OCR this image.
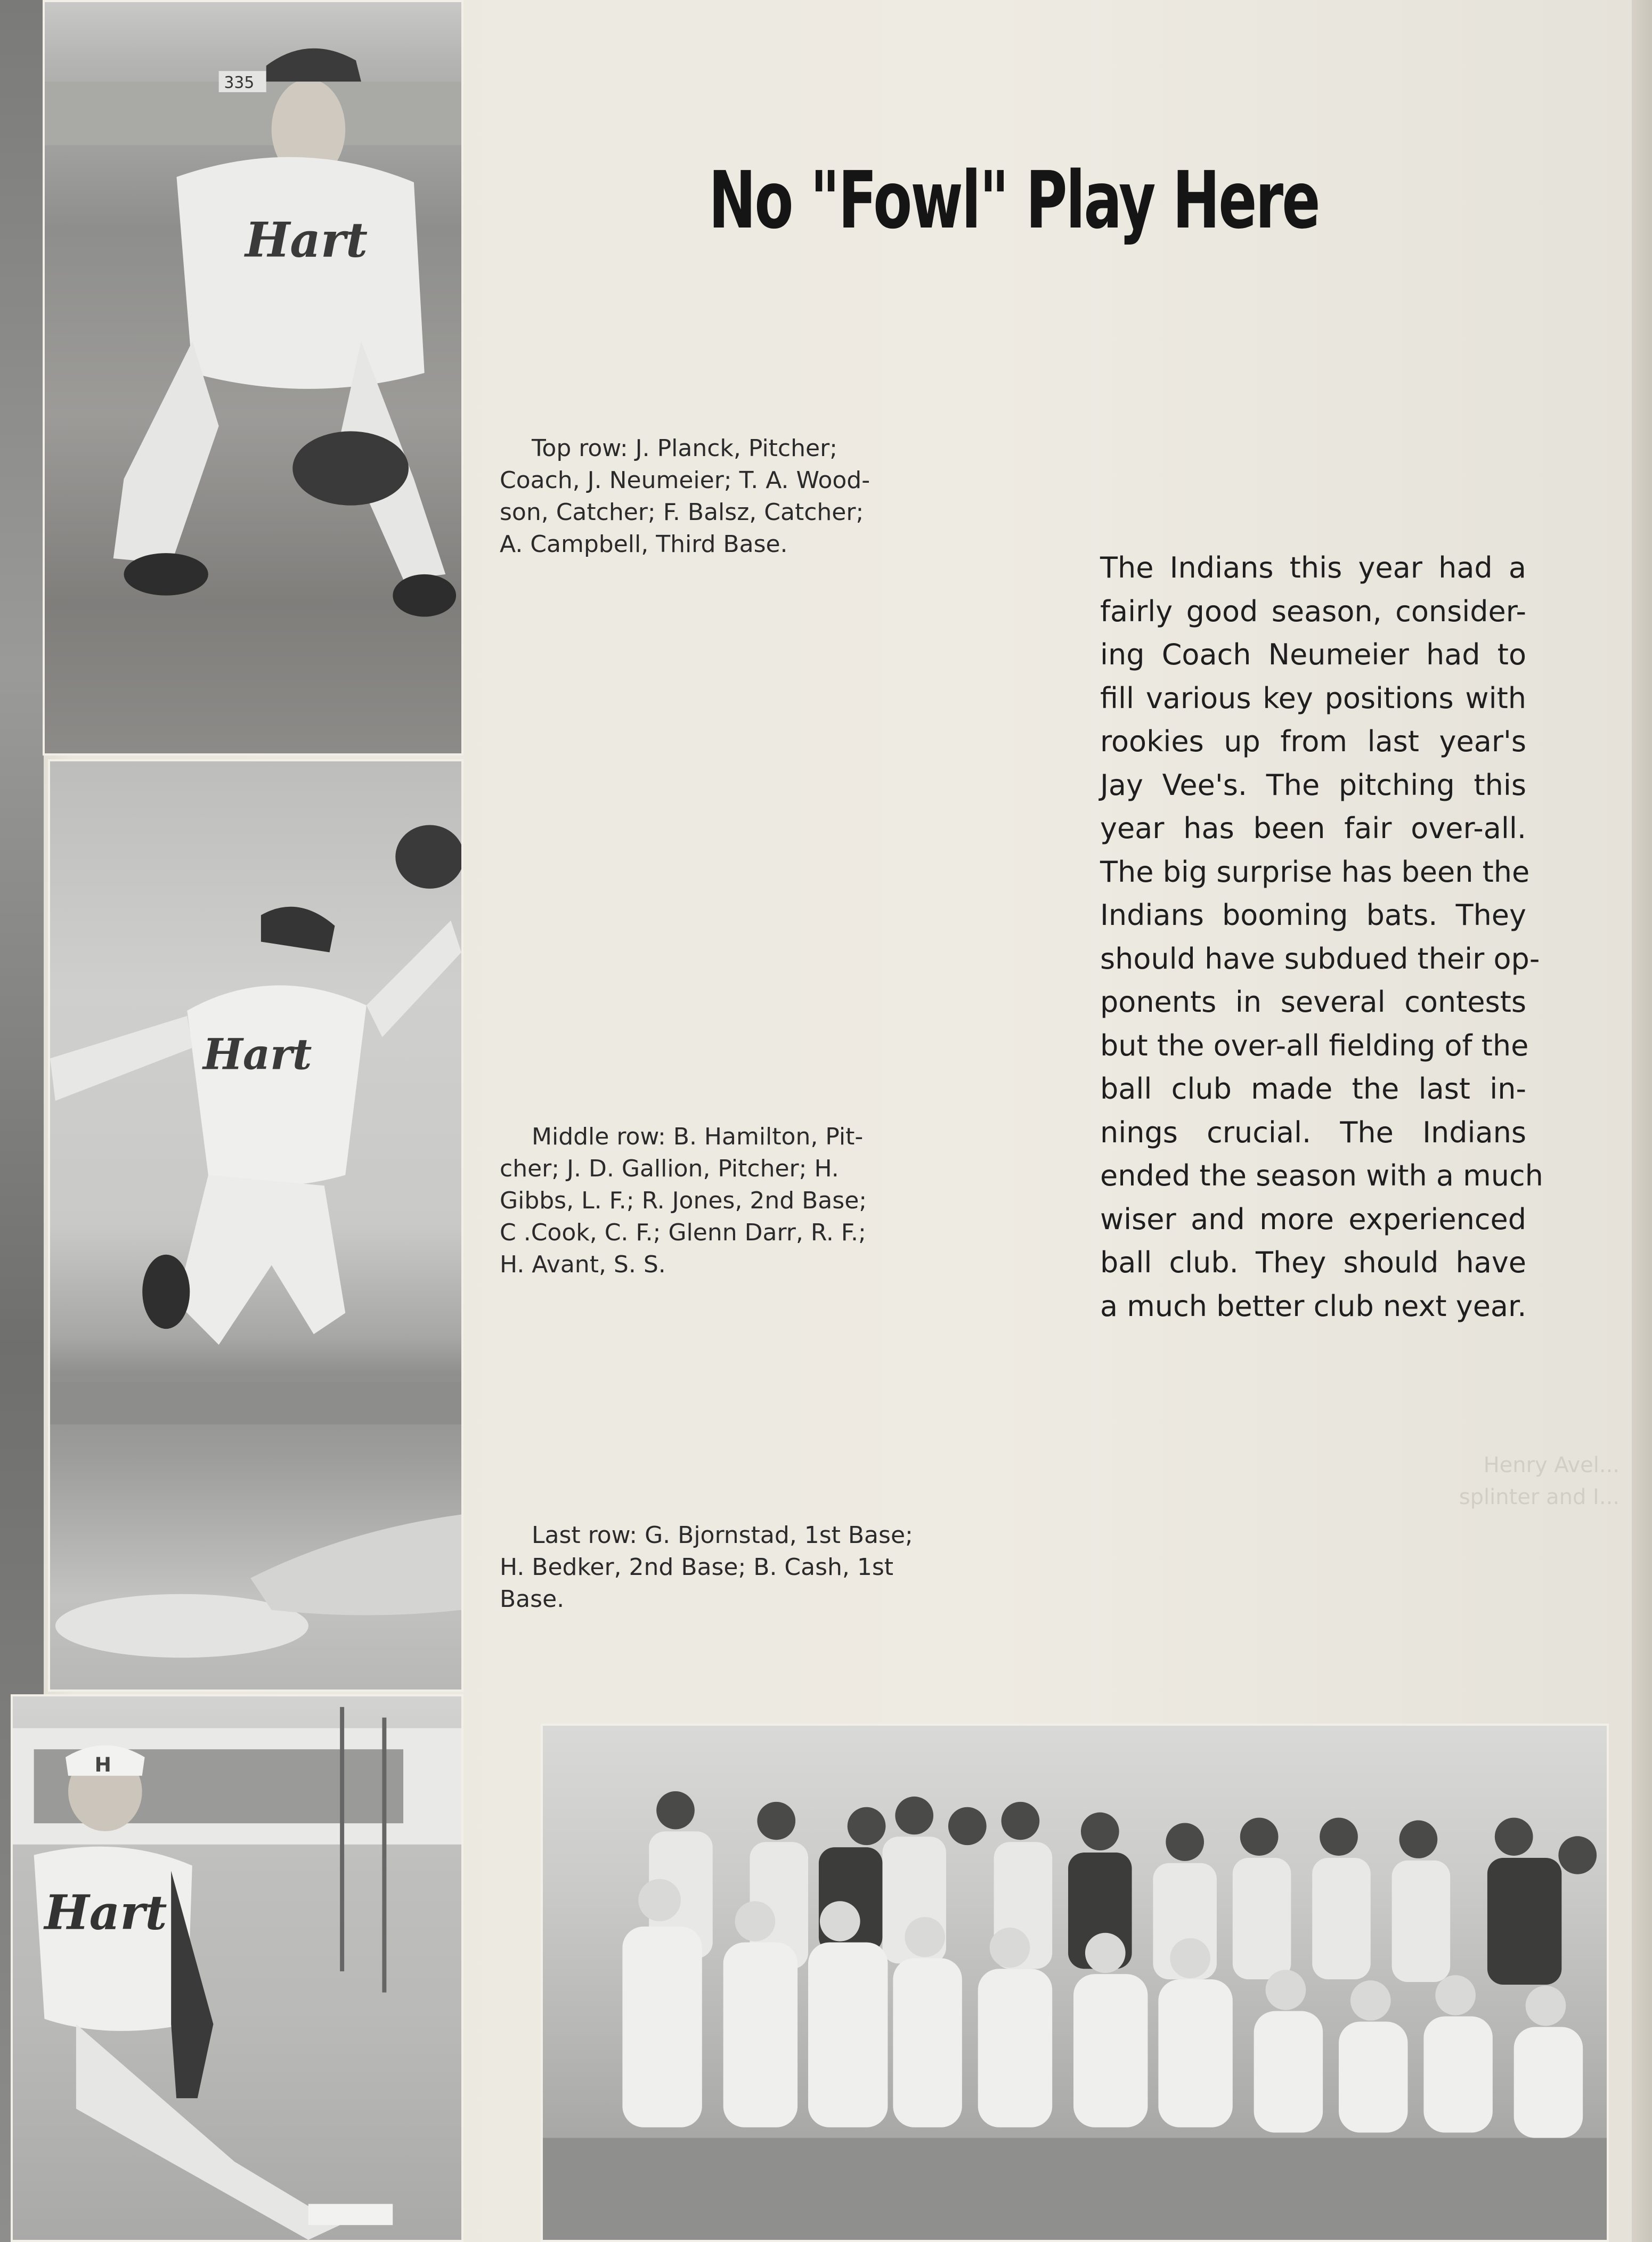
335
Hart
Hart
H
Hart
No "Fowl" Play Here
Top row: J. Planck, Pitcher;
Coach, J. Neumeier; T. A. Wood-
son, Catcher; F. Balsz, Catcher;
A. Campbell, Third Base.
Middle row: B. Hamilton, Pit-
cher; J. D. Gallion, Pitcher; H.
Gibbs, L. F.; R. Jones, 2nd Base;
C .Cook, C. F.; Glenn Darr, R. F.;
H. Avant, S. S.
Last row: G. Bjornstad, 1st Base;
H. Bedker, 2nd Base; B. Cash, 1st
Base.
The Indians this year had a
fairly good season, consider-
ing Coach Neumeier had to
fill various key positions with
rookies up from last year's
Jay Vee's. The pitching this
year has been fair over-all.
The big surprise has been the
Indians booming bats. They
should have subdued their op-
ponents in several contests
but the over-all fielding of the
ball club made the last in-
nings crucial. The Indians
ended the season with a much
wiser and more experienced
ball club. They should have
a much better club next year.
Henry Avel...
splinter and I...
